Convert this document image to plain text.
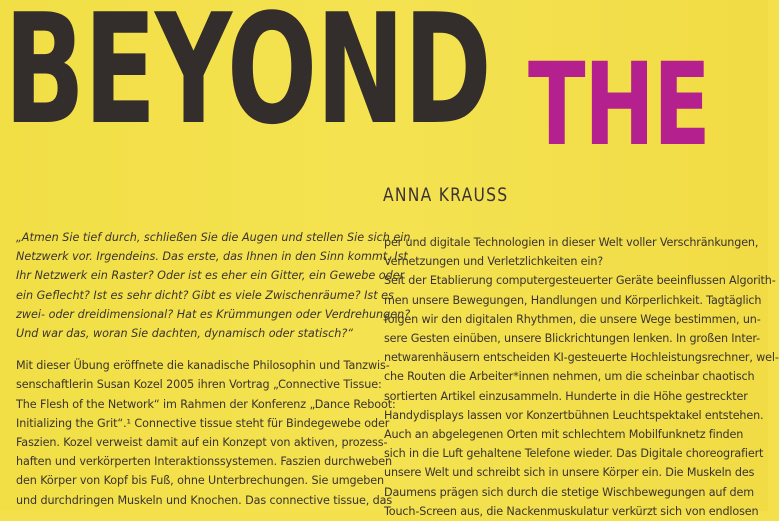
BEYOND THE
ANNA KRAUSS

„Atmen Sie tief durch, schließen Sie die Augen und stellen Sie sich ein
Netzwerk vor. Irgendeins. Das erste, das Ihnen in den Sinn kommt. Ist
Ihr Netzwerk ein Raster? Oder ist es eher ein Gitter, ein Gewebe oder
ein Geflecht? Ist es sehr dicht? Gibt es viele Zwischenräume? Ist es
zwei- oder dreidimensional? Hat es Krümmungen oder Verdrehungen?
Und war das, woran Sie dachten, dynamisch oder statisch?“

Mit dieser Übung eröffnete die kanadische Philosophin und Tanzwis-
senschaftlerin Susan Kozel 2005 ihren Vortrag „Connective Tissue:
The Flesh of the Network“ im Rahmen der Konferenz „Dance Reboot:
Initializing the Grit“.¹ Connective tissue steht für Bindegewebe oder
Faszien. Kozel verweist damit auf ein Konzept von aktiven, prozess-
haften und verkörperten Interaktionssystemen. Faszien durchweben
den Körper von Kopf bis Fuß, ohne Unterbrechungen. Sie umgeben
und durchdringen Muskeln und Knochen. Das connective tissue, das

per und digitale Technologien in dieser Welt voller Verschränkungen,
Vernetzungen und Verletzlichkeiten ein?
Seit der Etablierung computergesteuerter Geräte beeinflussen Algorith-
men unsere Bewegungen, Handlungen und Körperlichkeit. Tagtäglich
folgen wir den digitalen Rhythmen, die unsere Wege bestimmen, un-
sere Gesten einüben, unsere Blickrichtungen lenken. In großen Inter-
netwarenhäusern entscheiden KI-gesteuerte Hochleistungsrechner, wel-
che Routen die Arbeiter*innen nehmen, um die scheinbar chaotisch
sortierten Artikel einzusammeln. Hunderte in die Höhe gestreckter
Handydisplays lassen vor Konzertbühnen Leuchtspektakel entstehen.
Auch an abgelegenen Orten mit schlechtem Mobilfunknetz finden
sich in die Luft gehaltene Telefone wieder. Das Digitale choreografiert
unsere Welt und schreibt sich in unsere Körper ein. Die Muskeln des
Daumens prägen sich durch die stetige Wischbewegungen auf dem
Touch-Screen aus, die Nackenmuskulatur verkürzt sich von endlosen
